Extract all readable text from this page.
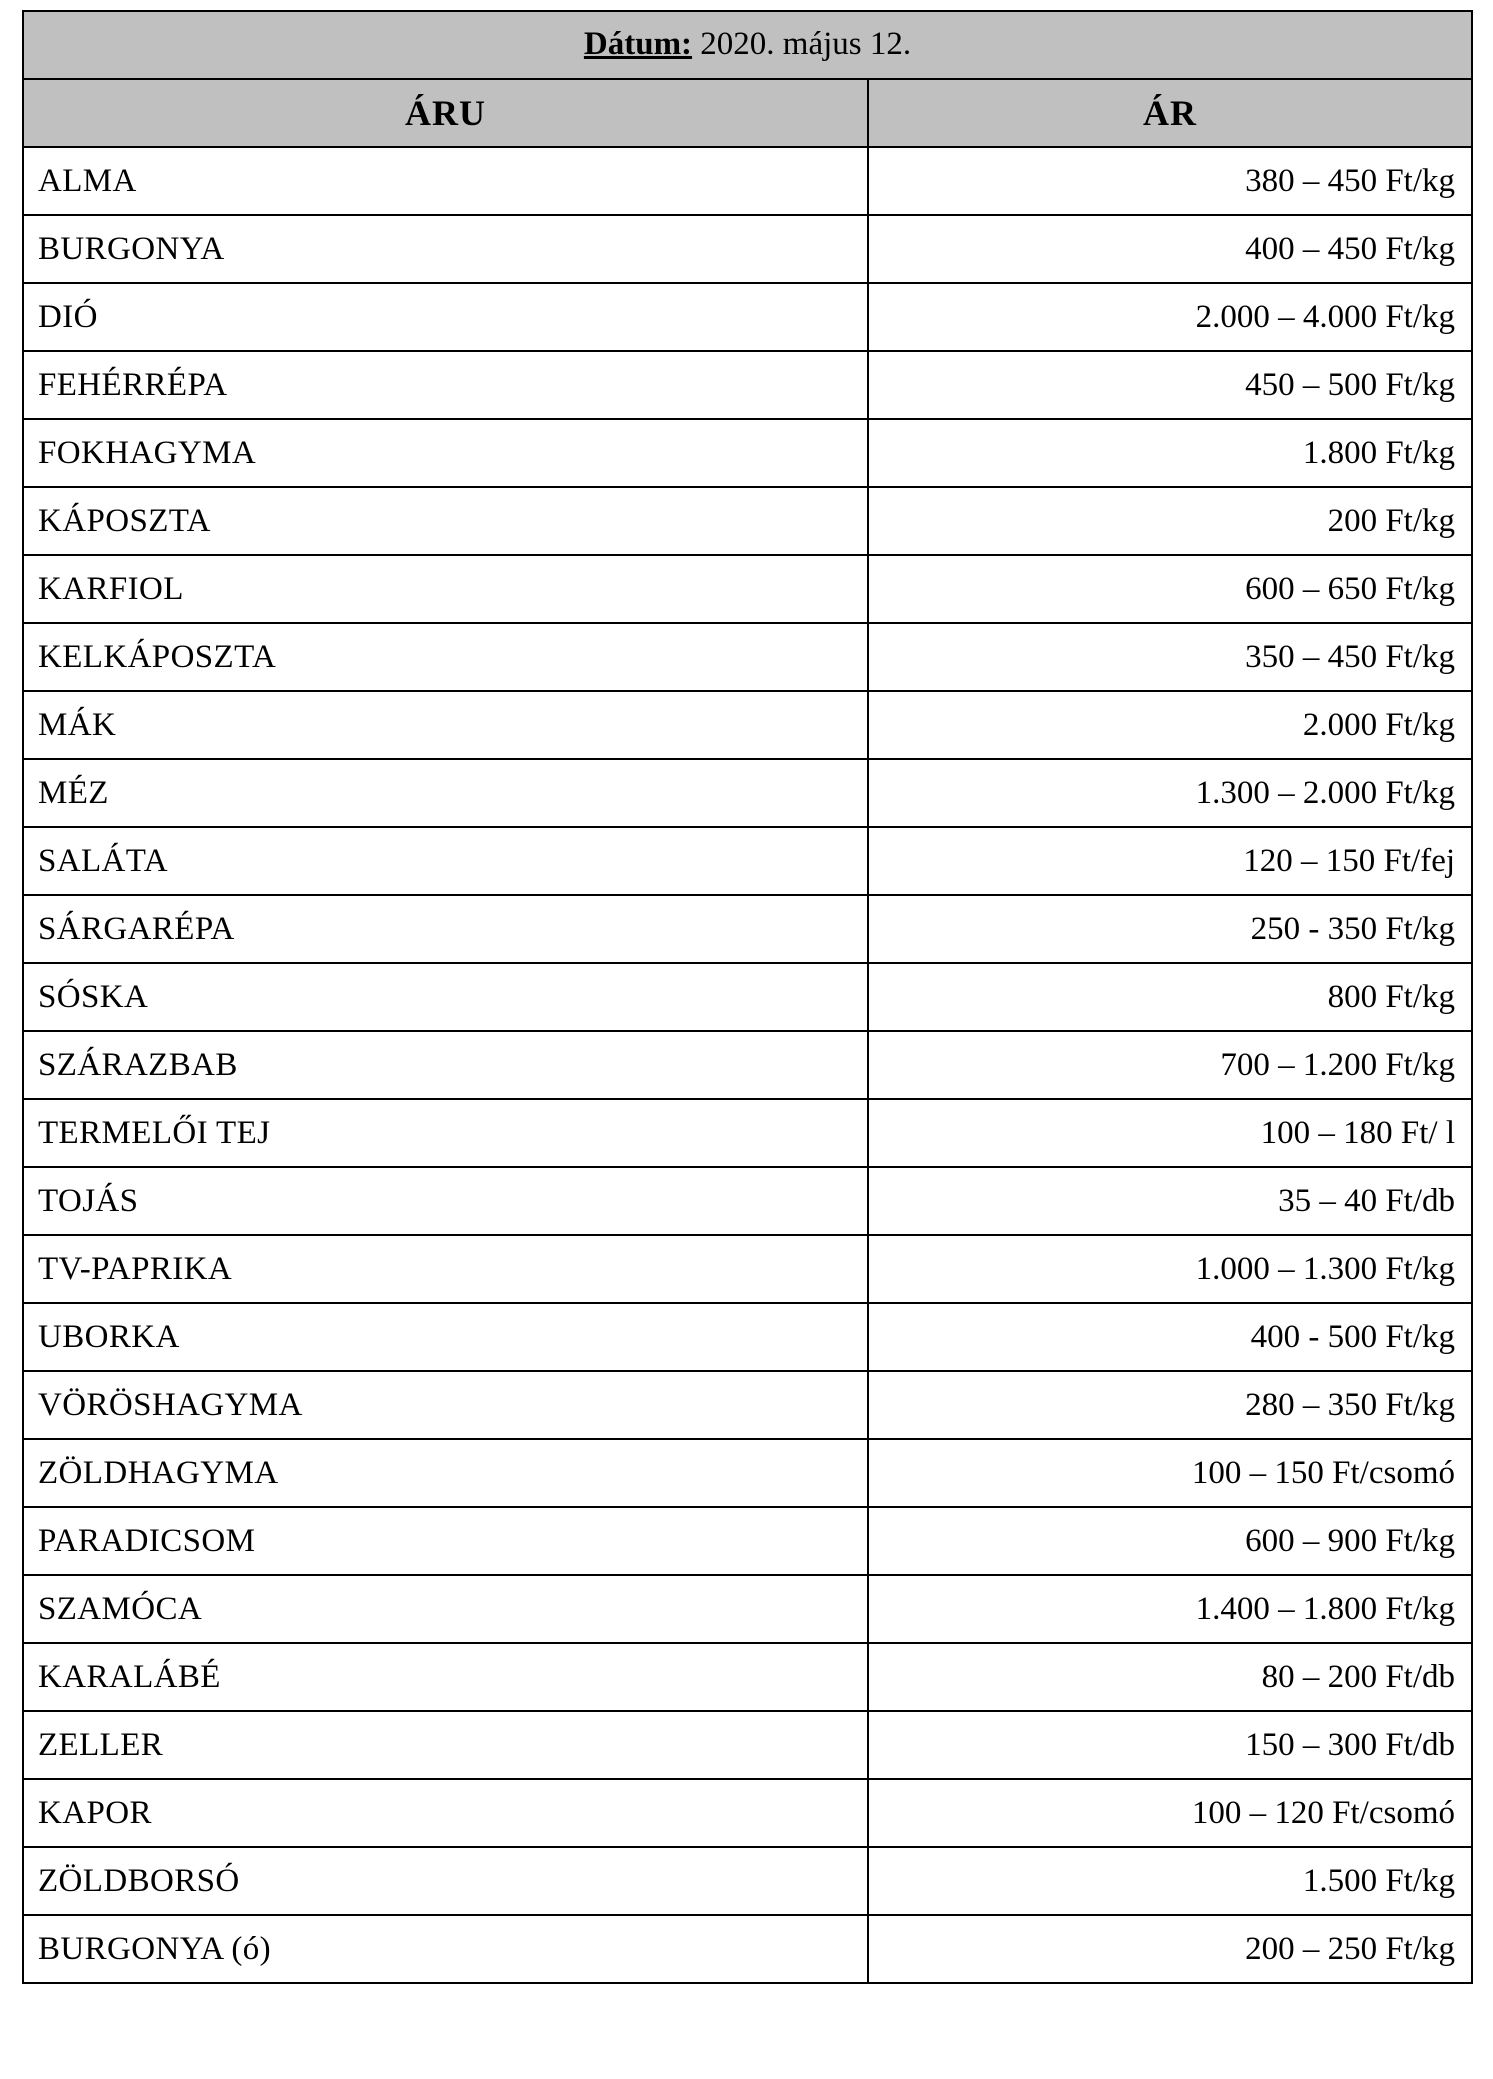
Dátum: 2020. május 12.	
ÁRU	ÁR
ALMA	380 – 450 Ft/kg
BURGONYA	400 – 450 Ft/kg
DIÓ	2.000 – 4.000 Ft/kg
FEHÉRRÉPA	450 – 500 Ft/kg
FOKHAGYMA	1.800 Ft/kg
KÁPOSZTA	200 Ft/kg
KARFIOL	600 – 650 Ft/kg
KELKÁPOSZTA	350 – 450 Ft/kg
MÁK	2.000 Ft/kg
MÉZ	1.300 – 2.000 Ft/kg
SALÁTA	120 – 150 Ft/fej
SÁRGARÉPA	250 - 350 Ft/kg
SÓSKA	800 Ft/kg
SZÁRAZBAB	700 – 1.200 Ft/kg
TERMELŐI TEJ	100 – 180 Ft/ l
TOJÁS	35 – 40 Ft/db
TV-PAPRIKA	1.000 – 1.300 Ft/kg
UBORKA	400 - 500 Ft/kg
VÖRÖSHAGYMA	280 – 350 Ft/kg
ZÖLDHAGYMA	100 – 150 Ft/csomó
PARADICSOM	600 – 900 Ft/kg
SZAMÓCA	1.400 – 1.800 Ft/kg
KARALÁBÉ	80 – 200 Ft/db
ZELLER	150 – 300 Ft/db
KAPOR	100 – 120 Ft/csomó
ZÖLDBORSÓ	1.500 Ft/kg
BURGONYA (ó)	200 – 250 Ft/kg
